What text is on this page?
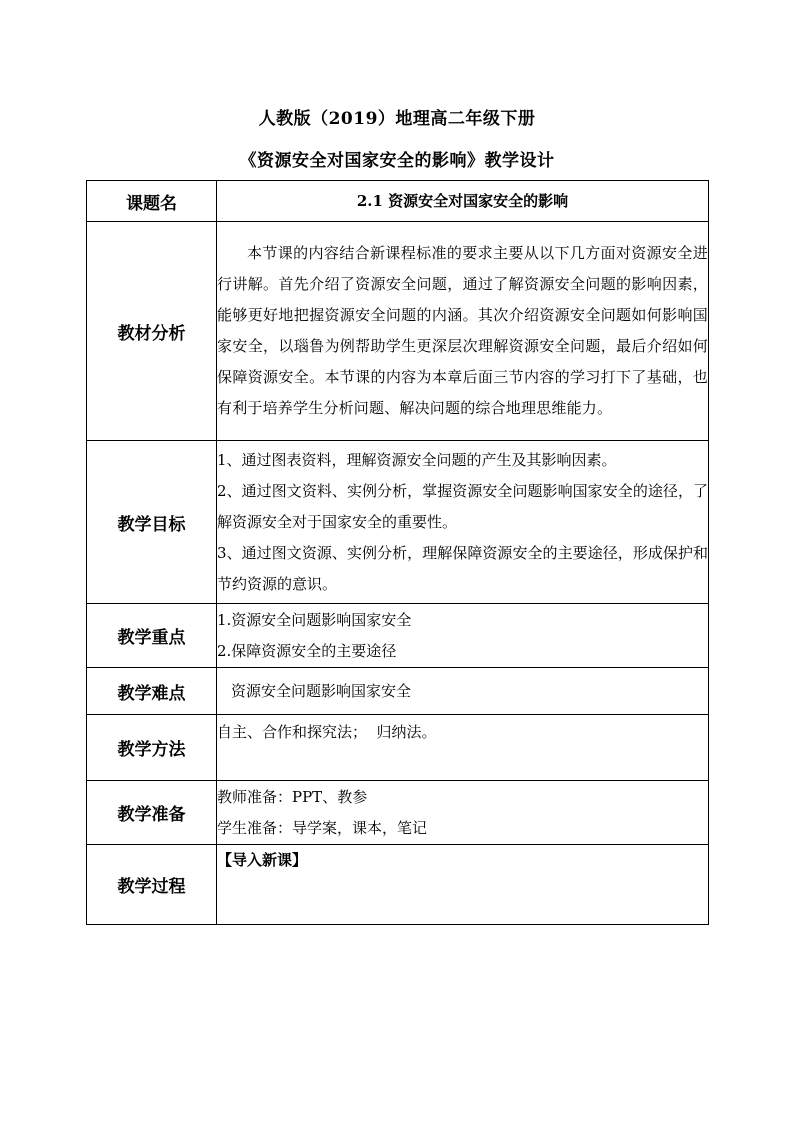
人教版（2019）地理高二年级下册
《资源安全对国家安全的影响》教学设计
课题名	2.1 资源安全对国家安全的影响
教材分析	本节课的内容结合新课程标准的要求主要从以下几方面对资源安全进行讲解。首先介绍了资源安全问题，通过了解资源安全问题的影响因素，能够更好地把握资源安全问题的内涵。其次介绍资源安全问题如何影响国家安全，以瑙鲁为例帮助学生更深层次理解资源安全问题，最后介绍如何保障资源安全。本节课的内容为本章后面三节内容的学习打下了基础，也有利于培养学生分析问题、解决问题的综合地理思维能力。

教学目标	1、通过图表资料，理解资源安全问题的产生及其影响因素。
2、通过图文资料、实例分析，掌握资源安全问题影响国家安全的途径，了解资源安全对于国家安全的重要性。
3、通过图文资源、实例分析，理解保障资源安全的主要途径，形成保护和节约资源的意识。

教学重点	1.资源安全问题影响国家安全
2.保障资源安全的主要途径

教学难点	资源安全问题影响国家安全
教学方法	自主、合作和探究法；  归纳法。
教学准备	教师准备：PPT、教参
学生准备：导学案，课本，笔记

教学过程	【导入新课】
